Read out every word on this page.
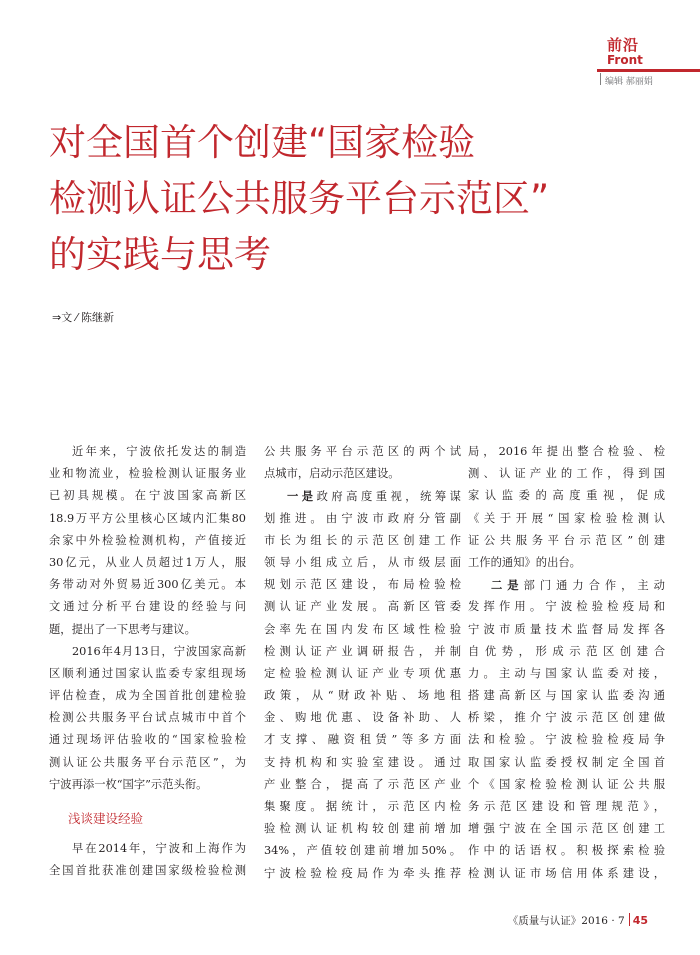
前沿
Front
编辑 郝丽娟
对全国首个创建“国家检验
检测认证公共服务平台示范区”
的实践与思考
⇒文 ⁄ 陈继新
近年来，宁波依托发达的制造
业和物流业，检验检测认证服务业
已初具规模。在宁波国家高新区
18.9万平方公里核心区域内汇集80
余家中外检验检测机构，产值接近
30亿元，从业人员超过1万人，服
务带动对外贸易近300亿美元。本
文通过分析平台建设的经验与问
题，提出了一下思考与建议。
2016年4月13日，宁波国家高新
区顺利通过国家认监委专家组现场
评估检查，成为全国首批创建检验
检测公共服务平台试点城市中首个
通过现场评估验收的“国家检验检
测认证公共服务平台示范区”，为
宁波再添一枚“国字”示范头衔。
浅谈建设经验
早在2014年，宁波和上海作为
全国首批获准创建国家级检验检测
公共服务平台示范区的两个试
点城市，启动示范区建设。
一是政府高度重视，统筹谋
划推进。由宁波市政府分管副
市长为组长的示范区创建工作
领导小组成立后，从市级层面
规划示范区建设，布局检验检
测认证产业发展。高新区管委
会率先在国内发布区域性检验
检测认证产业调研报告，并制
定检验检测认证产业专项优惠
政策，从“财政补贴、场地租
金、购地优惠、设备补助、人
才支撑、融资租赁”等多方面
支持机构和实验室建设。通过
产业整合，提高了示范区产业
集聚度。据统计，示范区内检
验检测认证机构较创建前增加
34%，产值较创建前增加50%。
宁波检验检疫局作为牵头推荐
局，2016年提出整合检验、检
测、认证产业的工作，得到国
家认监委的高度重视，促成
《关于开展“国家检验检测认
证公共服务平台示范区”创建
工作的通知》的出台。
二是部门通力合作，主动
发挥作用。宁波检验检疫局和
宁波市质量技术监督局发挥各
自优势，形成示范区创建合
力。主动与国家认监委对接，
搭建高新区与国家认监委沟通
桥梁，推介宁波示范区创建做
法和检验。宁波检验检疫局争
取国家认监委授权制定全国首
个《国家检验检测认证公共服
务示范区建设和管理规范》，
增强宁波在全国示范区创建工
作中的话语权。积极探索检验
检测认证市场信用体系建设，
《质量与认证》2016 · 7 45
